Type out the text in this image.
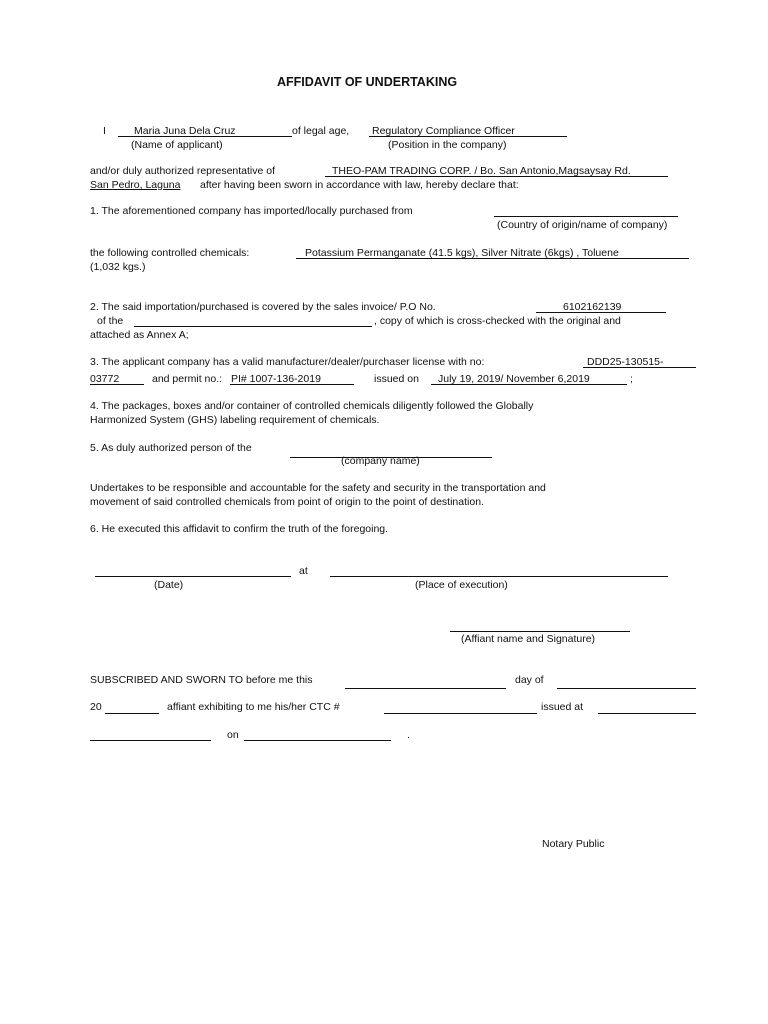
AFFIDAVIT OF UNDERTAKING
I	Maria Juna Dela Cruz	of legal age, Regulatory Compliance Officer
(Name of applicant)	(Position in the company)
and/or duly authorized representative of	THEO-PAM TRADING CORP. / Bo. San Antonio,Magsaysay Rd.
San Pedro, Laguna after having been sworn in accordance with law, hereby declare that:
1. The aforementioned company has imported/locally purchased from
(Country of origin/name of company)
the following controlled chemicals:	Potassium Permanganate (41.5 kgs), Silver Nitrate (6kgs) , Toluene
(1,032 kgs.)
2. The said importation/purchased is covered by the sales invoice/ P.O No.	6102162139
of the	, copy of which is cross-checked with the original and
attached as Annex A;
3. The applicant company has a valid manufacturer/dealer/purchaser license with no:	DDD25-130515-
03772	and permit no.: PI# 1007-136-2019	issued on July 19, 2019/ November 6,2019	;
4. The packages, boxes and/or container of controlled chemicals diligently followed the Globally
Harmonized System (GHS) labeling requirement of chemicals.
5. As duly authorized person of the
(company name)
Undertakes to be responsible and accountable for the safety and security in the transportation and
movement of said controlled chemicals from point of origin to the point of destination.
6. He executed this affidavit to confirm the truth of the foregoing.
at
(Date)	(Place of execution)
(Affiant name and Signature)
SUBSCRIBED AND SWORN TO before me this	day of
20	affiant exhibiting to me his/her CTC #	issued at
on	.
Notary Public
